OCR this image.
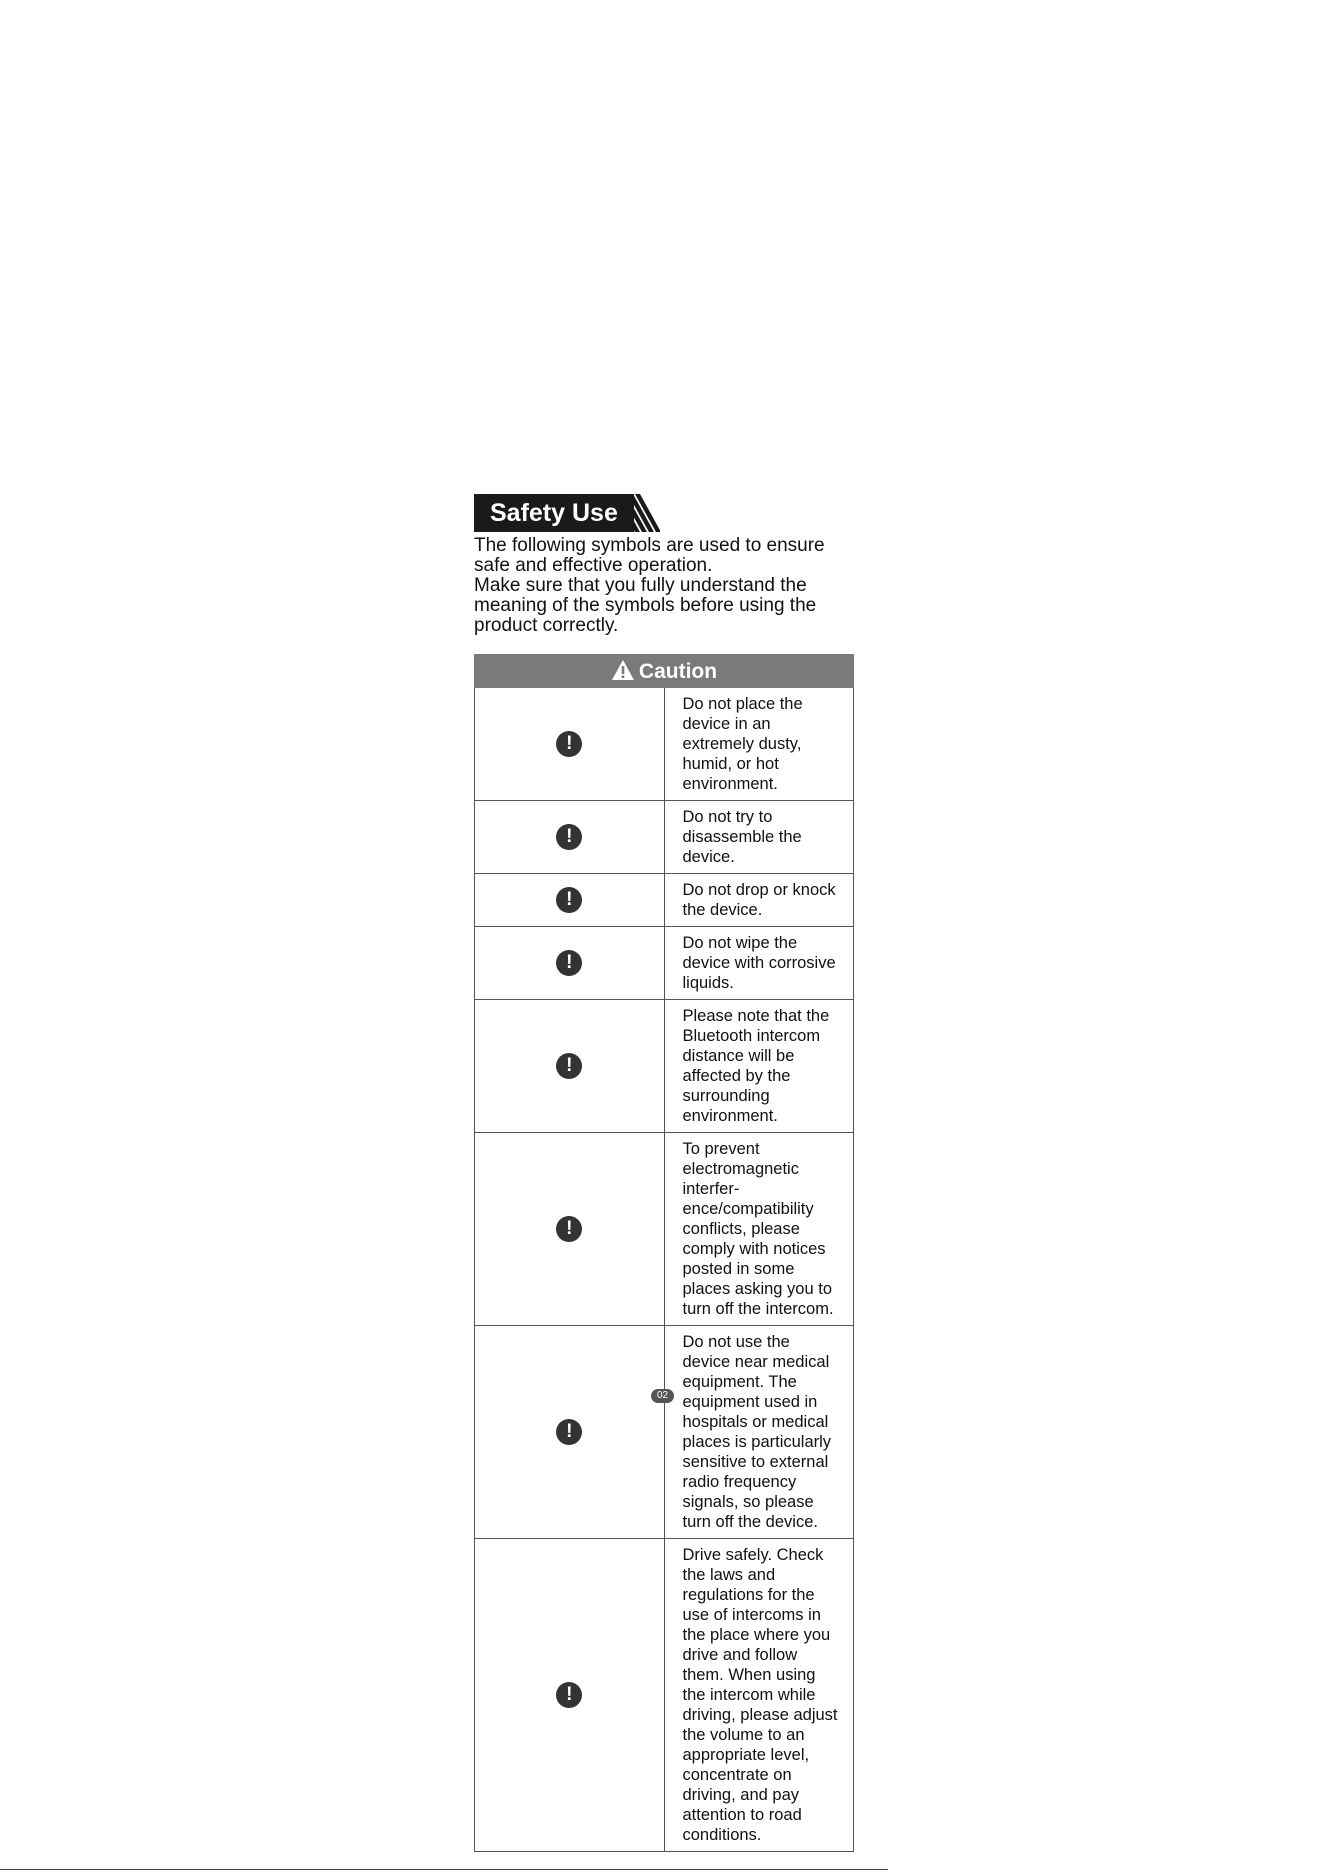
Safety Use

The following symbols are used to ensure

safe and effective operation.

Make sure that you fully understand the

meaning of the symbols before using the

product correctly.

Caution	
!	Do not place the device in an extremely dusty, humid, or hot environment.
!	Do not try to disassemble the device.
!	Do not drop or knock the device.
!	Do not wipe the device with corrosive liquids.
!	Please note that the Bluetooth intercom distance will be affected by the surrounding environment.
!	To prevent electromagnetic interfer-ence/compatibility conflicts, please comply with notices posted in some places asking you to turn off the intercom.
!	Do not use the device near medical equipment. The equipment used in hospitals or medical places is particularly sensitive to external radio frequency signals, so please turn off the device.
!	Drive safely. Check the laws and regulations for the use of intercoms in the place where you drive and follow them. When using the intercom while driving, please adjust the volume to an appropriate level, concentrate on driving, and pay attention to road conditions.
02
